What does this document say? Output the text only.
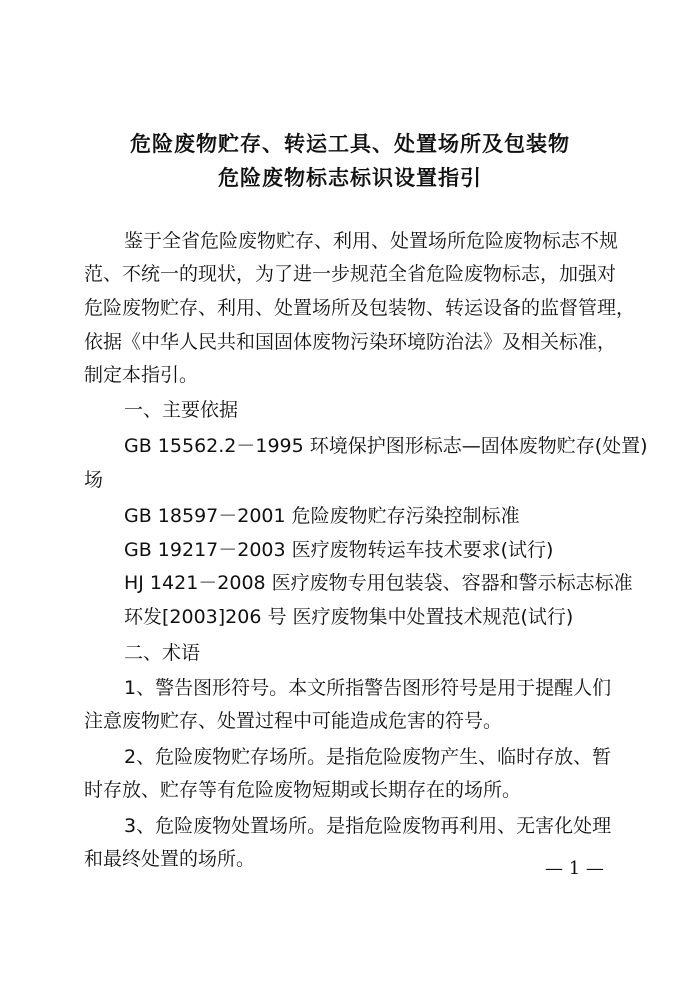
危险废物贮存、转运工具、处置场所及包装物
危险废物标志标识设置指引
鉴于全省危险废物贮存、利用、处置场所危险废物标志不规
范、不统一的现状，为了进一步规范全省危险废物标志，加强对
危险废物贮存、利用、处置场所及包装物、转运设备的监督管理，
依据《中华人民共和国固体废物污染环境防治法》及相关标准，
制定本指引。
一、主要依据
GB 15562.2－1995 环境保护图形标志—固体废物贮存(处置)
场
GB 18597－2001 危险废物贮存污染控制标准
GB 19217－2003 医疗废物转运车技术要求(试行)
HJ 1421－2008 医疗废物专用包装袋、容器和警示标志标准
环发[2003]206 号 医疗废物集中处置技术规范(试行)
二、术语
1、警告图形符号。本文所指警告图形符号是用于提醒人们
注意废物贮存、处置过程中可能造成危害的符号。
2、危险废物贮存场所。是指危险废物产生、临时存放、暂
时存放、贮存等有危险废物短期或长期存在的场所。
3、危险废物处置场所。是指危险废物再利用、无害化处理
和最终处置的场所。	— 1 —
